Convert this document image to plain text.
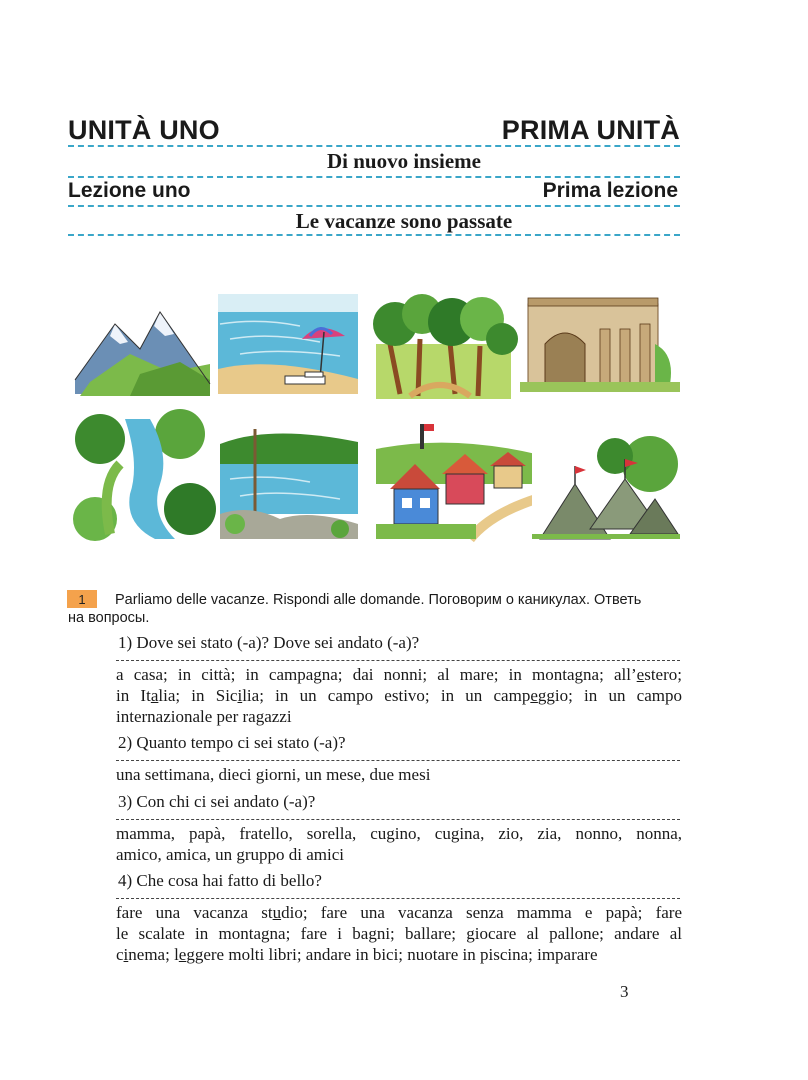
UNITÀ UNO	PRIMA UNITÀ
Di nuovo insieme
Lezione uno	Prima lezione
Le vacanze sono passate
1	Parliamo delle vacanze. Rispondi alle domande. Поговорим о каникулах. Ответь
на вопросы.
1) Dove sei stato (-a)? Dove sei andato (-a)?
a casa; in città; in campagna; dai nonni; al mare; in montagna; all’estero;
in Italia; in Sicilia; in un campo estivo; in un campeggio; in un campo
internazionale per ragazzi
2) Quanto tempo ci sei stato (-a)?
una settimana, dieci giorni, un mese, due mesi
3) Con chi ci sei andato (-a)?
mamma, papà, fratello, sorella, cugino, cugina, zio, zia, nonno, nonna,
amico, amica, un gruppo di amici
4) Che cosa hai fatto di bello?
fare una vacanza studio; fare una vacanza senza mamma e papà; fare
le scalate in montagna; fare i bagni; ballare; giocare al pallone; andare al
cinema; leggere molti libri; andare in bici; nuotare in piscina; imparare
3
